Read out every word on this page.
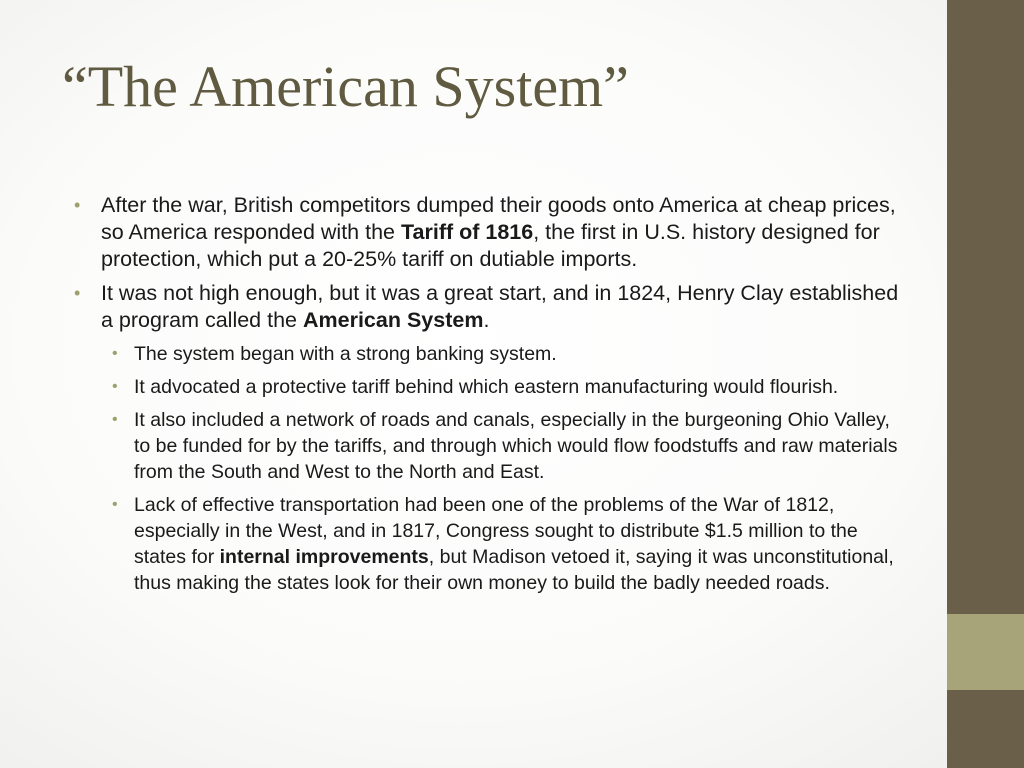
“The American System”
• After the war, British competitors dumped their goods onto America at cheap prices, so America responded with the Tariff of 1816, the first in U.S. history designed for protection, which put a 20-25% tariff on dutiable imports.
• It was not high enough, but it was a great start, and in 1824, Henry Clay established a program called the American System.
• The system began with a strong banking system.
• It advocated a protective tariff behind which eastern manufacturing would flourish.
• It also included a network of roads and canals, especially in the burgeoning Ohio Valley, to be funded for by the tariffs, and through which would flow foodstuffs and raw materials from the South and West to the North and East.
• Lack of effective transportation had been one of the problems of the War of 1812, especially in the West, and in 1817, Congress sought to distribute $1.5 million to the states for internal improvements, but Madison vetoed it, saying it was unconstitutional, thus making the states look for their own money to build the badly needed roads.
